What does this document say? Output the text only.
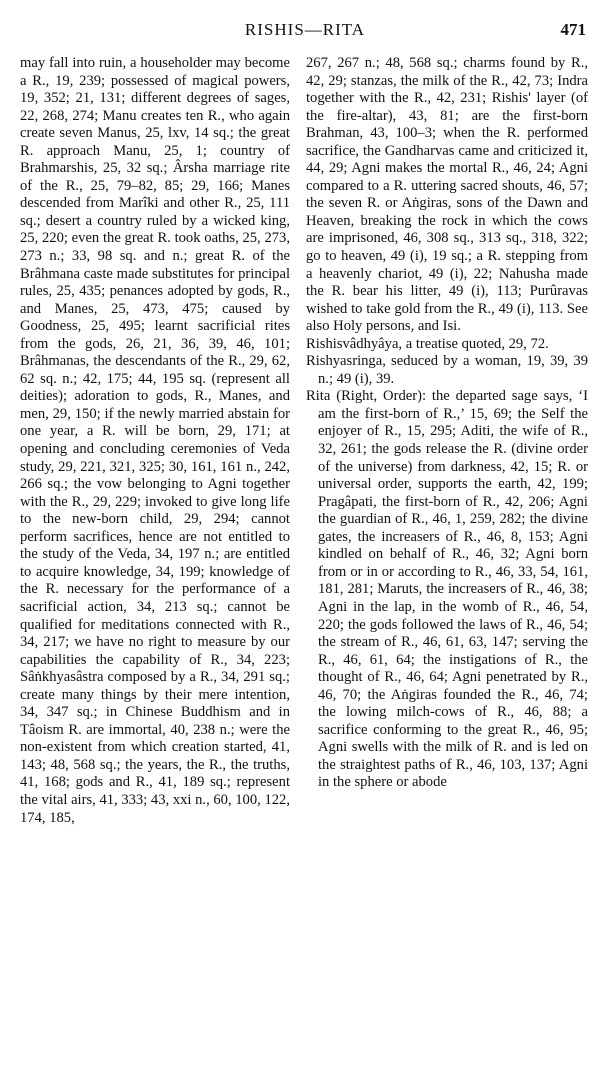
RISHIS—RITA	471

may fall into ruin, a householder may become a R., 19, 239; possessed of magical powers, 19, 352; 21, 131; different degrees of sages, 22, 268, 274; Manu creates ten R., who again create seven Manus, 25, lxv, 14 sq.; the great R. approach Manu, 25, 1; country of Brahmarshis, 25, 32 sq.; Ârsha marriage rite of the R., 25, 79–82, 85; 29, 166; Manes descended from Marîki and other R., 25, 111 sq.; desert a country ruled by a wicked king, 25, 220; even the great R. took oaths, 25, 273, 273 n.; 33, 98 sq. and n.; great R. of the Brâhmana caste made substitutes for principal rules, 25, 435; penances adopted by gods, R., and Manes, 25, 473, 475; caused by Goodness, 25, 495; learnt sacrificial rites from the gods, 26, 21, 36, 39, 46, 101; Brâhmanas, the descendants of the R., 29, 62, 62 sq. n.; 42, 175; 44, 195 sq. (represent all deities); adoration to gods, R., Manes, and men, 29, 150; if the newly married abstain for one year, a R. will be born, 29, 171; at opening and concluding ceremonies of Veda study, 29, 221, 321, 325; 30, 161, 161 n., 242, 266 sq.; the vow belonging to Agni together with the R., 29, 229; invoked to give long life to the new-born child, 29, 294; cannot perform sacrifices, hence are not entitled to the study of the Veda, 34, 197 n.; are entitled to acquire knowledge, 34, 199; knowledge of the R. necessary for the performance of a sacrificial action, 34, 213 sq.; cannot be qualified for meditations connected with R., 34, 217; we have no right to measure by our capabilities the capability of R., 34, 223; Sâṅkhyasâstra composed by a R., 34, 291 sq.; create many things by their mere intention, 34, 347 sq.; in Chinese Buddhism and in Tâoism R. are immortal, 40, 238 n.; were the non-existent from which creation started, 41, 143; 48, 568 sq.; the years, the R., the truths, 41, 168; gods and R., 41, 189 sq.; represent the vital airs, 41, 333; 43, xxi n., 60, 100, 122, 174, 185,

267, 267 n.; 48, 568 sq.; charms found by R., 42, 29; stanzas, the milk of the R., 42, 73; Indra together with the R., 42, 231; Rishis' layer (of the fire-altar), 43, 81; are the first-born Brahman, 43, 100–3; when the R. performed sacrifice, the Gandharvas came and criticized it, 44, 29; Agni makes the mortal R., 46, 24; Agni compared to a R. uttering sacred shouts, 46, 57; the seven R. or Aṅgiras, sons of the Dawn and Heaven, breaking the rock in which the cows are imprisoned, 46, 308 sq., 313 sq., 318, 322; go to heaven, 49 (i), 19 sq.; a R. stepping from a heavenly chariot, 49 (i), 22; Nahusha made the R. bear his litter, 49 (i), 113; Purûravas wished to take gold from the R., 49 (i), 113. See also Holy persons, and Isi.

Rishisvâdhyâya, a treatise quoted, 29, 72.

Rishyasringa, seduced by a woman, 19, 39, 39 n.; 49 (i), 39.

Rita (Right, Order): the departed sage says, ‘I am the first-born of R.,’ 15, 69; the Self the enjoyer of R., 15, 295; Aditi, the wife of R., 32, 261; the gods release the R. (divine order of the universe) from darkness, 42, 15; R. or universal order, supports the earth, 42, 199; Pragâpati, the first-born of R., 42, 206; Agni the guardian of R., 46, 1, 259, 282; the divine gates, the increasers of R., 46, 8, 153; Agni kindled on behalf of R., 46, 32; Agni born from or in or according to R., 46, 33, 54, 161, 181, 281; Maruts, the increasers of R., 46, 38; Agni in the lap, in the womb of R., 46, 54, 220; the gods followed the laws of R., 46, 54; the stream of R., 46, 61, 63, 147; serving the R., 46, 61, 64; the instigations of R., the thought of R., 46, 64; Agni penetrated by R., 46, 70; the Aṅgiras founded the R., 46, 74; the lowing milch-cows of R., 46, 88; a sacrifice conforming to the great R., 46, 95; Agni swells with the milk of R. and is led on the straightest paths of R., 46, 103, 137; Agni in the sphere or abode
